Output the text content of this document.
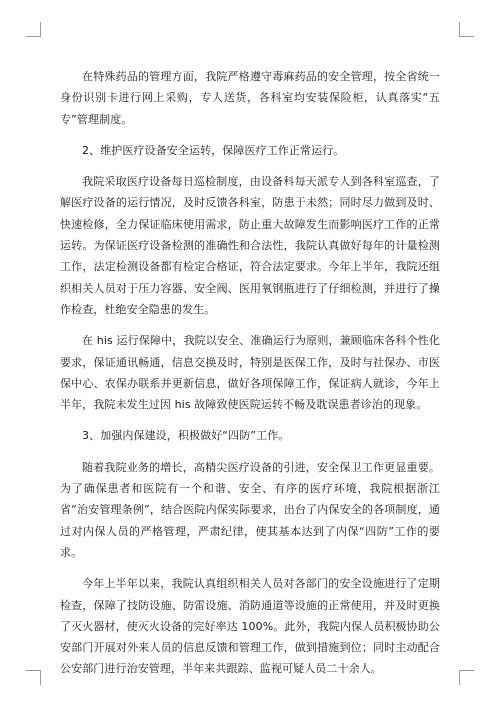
在特殊药品的管理方面，我院严格遵守毒麻药品的安全管理，按全省统一身份识别卡进行网上采购，专人送货，各科室均安装保险柜，认真落实“五专”管理制度。

2、维护医疗设备安全运转，保障医疗工作正常运行。

我院采取医疗设备每日巡检制度，由设备科每天派专人到各科室巡查，了解医疗设备的运行情况，及时反馈各科室，防患于未然；同时尽力做到及时、快速检修，全力保证临床使用需求，防止重大故障发生而影响医疗工作的正常运转。为保证医疗设备检测的准确性和合法性，我院认真做好每年的计量检测工作，法定检测设备都有检定合格证，符合法定要求。今年上半年，我院还组织相关人员对于压力容器、安全阀、医用氧钢瓶进行了仔细检测，并进行了操作检查，杜绝安全隐患的发生。

在 his 运行保障中，我院以安全、准确运行为原则，兼顾临床各科个性化要求，保证通讯畅通，信息交换及时，特别是医保工作，及时与社保办、市医保中心、农保办联系并更新信息，做好各项保障工作，保证病人就诊，今年上半年，我院未发生过因 his 故障致使医院运转不畅及耽误患者诊治的现象。

3、加强内保建设，积极做好“四防”工作。

随着我院业务的增长，高精尖医疗设备的引进，安全保卫工作更显重要。为了确保患者和医院有一个和谐、安全、有序的医疗环境，我院根据浙江省“治安管理条例”，结合医院内保实际要求，出台了内保安全的各项制度，通过对内保人员的严格管理，严肃纪律，使其基本达到了内保“四防”工作的要求。

今年上半年以来，我院认真组织相关人员对各部门的安全设施进行了定期检查，保障了技防设施、防雷设施、消防通道等设施的正常使用，并及时更换了灭火器材，使灭火设备的完好率达 100%。此外，我院内保人员积极协助公安部门开展对外来人员的信息反馈和管理工作，做到措施到位；同时主动配合公安部门进行治安管理，半年来共跟踪、监视可疑人员二十余人。
